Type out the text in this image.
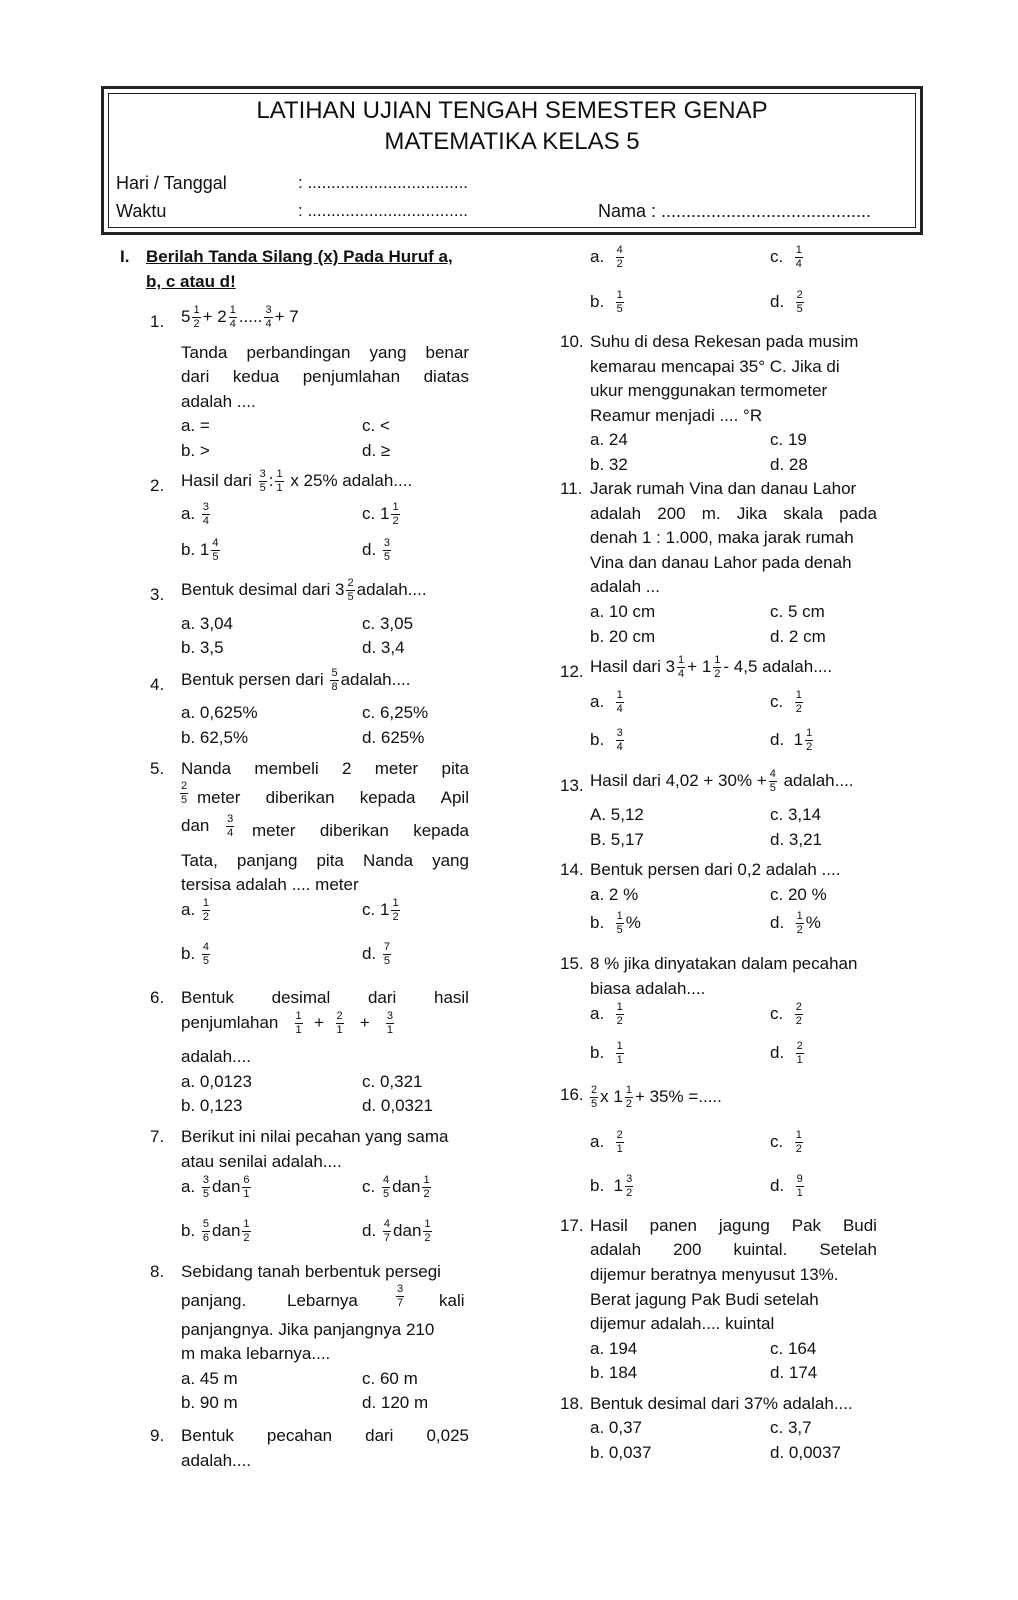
LATIHAN UJIAN TENGAH SEMESTER GENAP
MATEMATIKA KELAS 5
Hari / Tanggal	: ..................................
Waktu	: ..................................	Nama : ..........................................
I. Berilah Tanda Silang (x) Pada Huruf a,
b, c atau d!
1. $5 \frac{1}{2} + 2 \frac{1}{4}$ ..... $\frac{3}{4} + 7$
Tanda perbandingan yang benar
dari kedua penjumlahan diatas
adalah ....
a. =	c. <
b. >	d. ≥
2. Hasil dari $\frac{3}{5}$ : $\frac{1}{1}$ x 25% adalah....
a. $\frac{3}{4}$	c. $1 \frac{1}{2}$
b. $1 \frac{4}{5}$	d. $\frac{3}{5}$
3. Bentuk desimal dari $3 \frac{2}{5}$ adalah....
a. 3,04	c. 3,05
b. 3,5	d. 3,4
4. Bentuk persen dari $\frac{5}{8}$ adalah....
a. 0,625%	c. 6,25%
b. 62,5%	d. 625%
5. Nanda membeli 2 meter pita
$\frac{2}{5}$ meter diberikan kepada Apil
dan $\frac{3}{4}$ meter diberikan kepada
Tata, panjang pita Nanda yang
tersisa adalah .... meter
a. $\frac{1}{2}$	c. $1 \frac{1}{2}$
b. $\frac{4}{5}$	d. $\frac{7}{5}$
6. Bentuk desimal dari hasil
penjumlahan $\frac{1}{1} + \frac{2}{1} + \frac{3}{1}$
adalah....
a. 0,0123	c. 0,321
b. 0,123	d. 0,0321
7. Berikut ini nilai pecahan yang sama
atau senilai adalah....
a. $\frac{3}{5}$ dan $\frac{6}{1}$	c. $\frac{4}{5}$ dan $\frac{1}{2}$
b. $\frac{5}{6}$ dan $\frac{1}{2}$	d. $\frac{4}{7}$ dan $\frac{1}{2}$
8. Sebidang tanah berbentuk persegi
panjang. Lebarnya	$\frac{3}{7}$ kali
panjangnya. Jika panjangnya 210
m maka lebarnya....
a. 45 m	c. 60 m
b. 90 m	d. 120 m
9. Bentuk pecahan dari 0,025
adalah....
a. $\frac{4}{2}$	c. $\frac{1}{4}$
b. $\frac{1}{5}$	d. $\frac{2}{5}$
10. Suhu di desa Rekesan pada musim
kemarau mencapai 35° C. Jika di
ukur menggunakan termometer
Reamur menjadi .... °R
a. 24	c. 19
b. 32	d. 28
11. Jarak rumah Vina dan danau Lahor
adalah 200 m. Jika skala pada
denah 1 : 1.000, maka jarak rumah
Vina dan danau Lahor pada denah
adalah ...
a. 10 cm	c. 5 cm
b. 20 cm	d. 2 cm
12. Hasil dari $3 \frac{1}{4} + 1 \frac{1}{2} - 4,5$ adalah....
a. $\frac{1}{4}$	c. $\frac{1}{2}$
b. $\frac{3}{4}$	d. $1 \frac{1}{2}$
13. Hasil dari $4,02 + 30\% + \frac{4}{5}$ adalah....
A. 5,12	c. 3,14
B. 5,17	d. 3,21
14. Bentuk persen dari 0,2 adalah ....
a. 2 %	c. 20 %
b. $\frac{1}{5}$ %	d. $\frac{1}{2}$ %
15. 8 % jika dinyatakan dalam pecahan
biasa adalah....
a. $\frac{1}{2}$	c. $\frac{2}{2}$
b. $\frac{1}{1}$	d. $\frac{2}{1}$
16. $\frac{2}{5}$ x $1 \frac{1}{2} + 35\%$ =.....
a. $\frac{2}{1}$	c. $\frac{1}{2}$
b. $1 \frac{3}{2}$	d. $\frac{9}{1}$
17. Hasil panen jagung Pak Budi
adalah 200 kuintal. Setelah
dijemur beratnya menyusut 13%.
Berat jagung Pak Budi setelah
dijemur adalah.... kuintal
a. 194	c. 164
b. 184	d. 174
18. Bentuk desimal dari 37% adalah....
a. 0,37	c. 3,7
b. 0,037	d. 0,0037
